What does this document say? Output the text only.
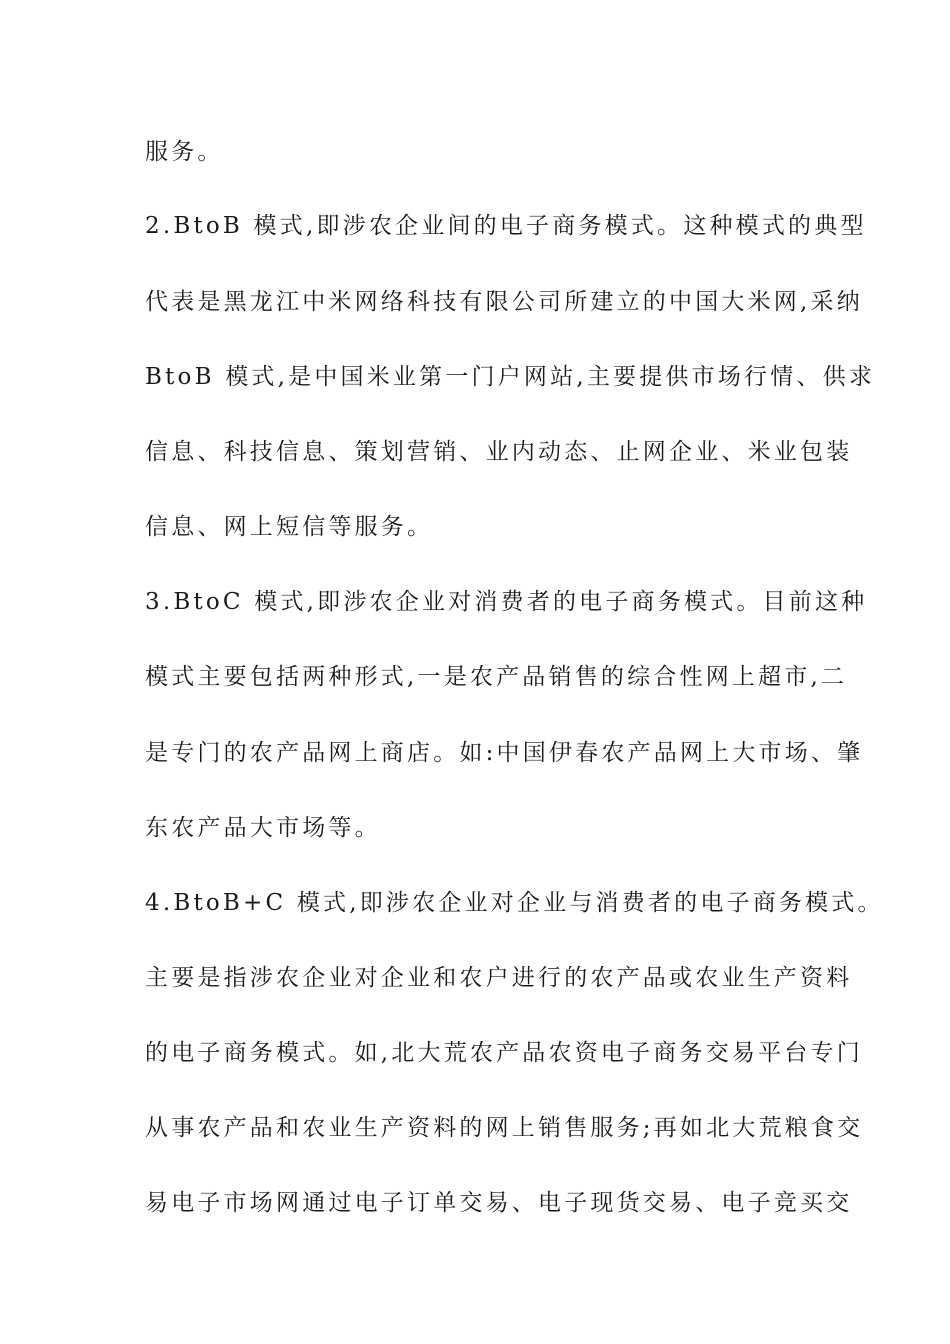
服务。
2.BtoB 模式,即涉农企业间的电子商务模式。这种模式的典型
代表是黑龙江中米网络科技有限公司所建立的中国大米网,采纳
BtoB 模式,是中国米业第一门户网站,主要提供市场行情、供求
信息、科技信息、策划营销、业内动态、止网企业、米业包装
信息、网上短信等服务。
3.BtoC 模式,即涉农企业对消费者的电子商务模式。目前这种
模式主要包括两种形式,一是农产品销售的综合性网上超市,二
是专门的农产品网上商店。如:中国伊春农产品网上大市场、肇
东农产品大市场等。
4.BtoB+C 模式,即涉农企业对企业与消费者的电子商务模式。
主要是指涉农企业对企业和农户进行的农产品或农业生产资料
的电子商务模式。如,北大荒农产品农资电子商务交易平台专门
从事农产品和农业生产资料的网上销售服务;再如北大荒粮食交
易电子市场网通过电子订单交易、电子现货交易、电子竞买交
